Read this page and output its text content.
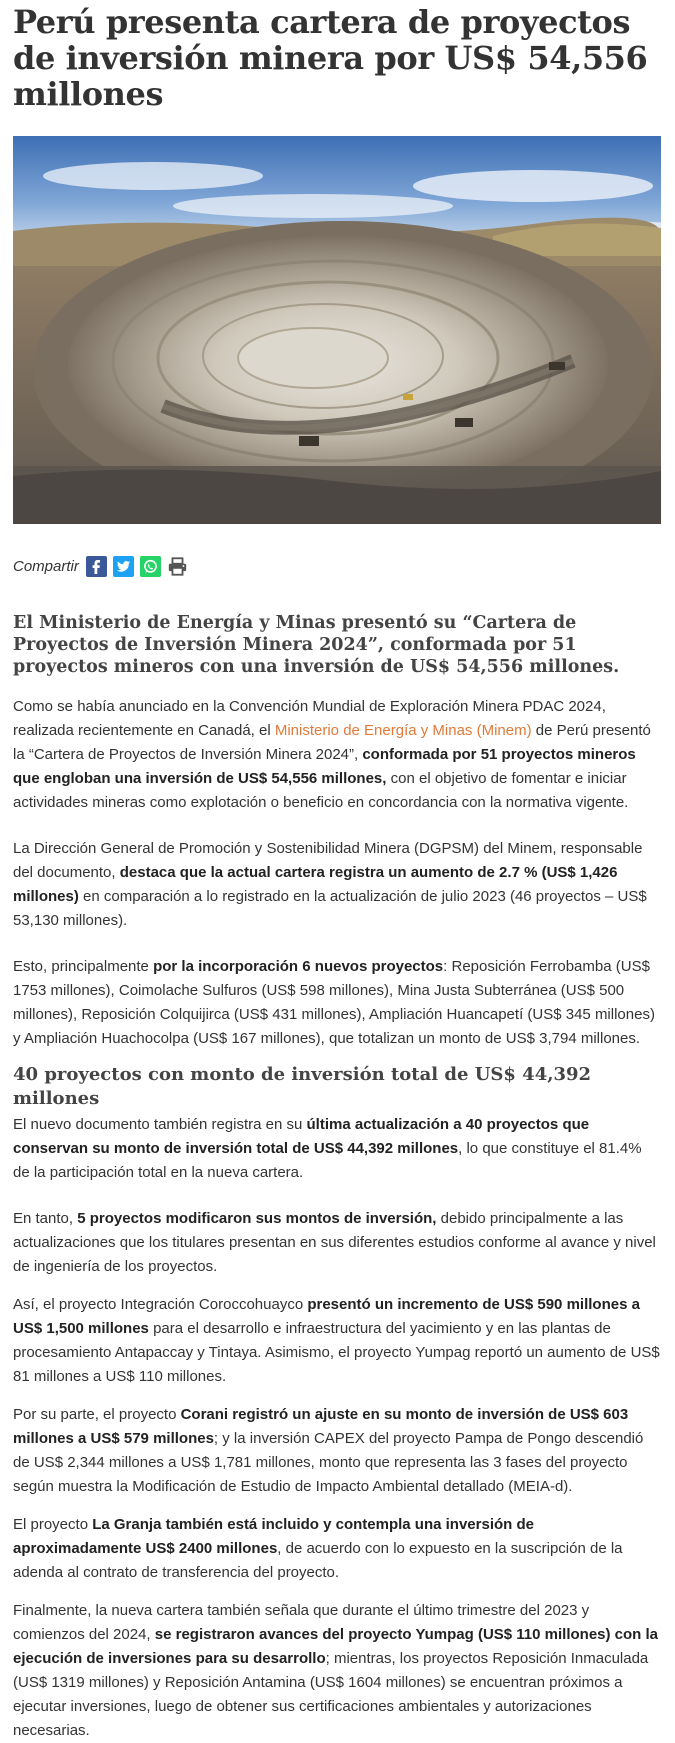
Perú presenta cartera de proyectos de inversión minera por US$ 54,556 millones
Compartir

El Ministerio de Energía y Minas presentó su “Cartera de Proyectos de Inversión Minera 2024”, conformada por 51 proyectos mineros con una inversión de US$ 54,556 millones.

Como se había anunciado en la Convención Mundial de Exploración Minera PDAC 2024, realizada recientemente en Canadá, el Ministerio de Energía y Minas (Minem) de Perú presentó la “Cartera de Proyectos de Inversión Minera 2024”, conformada por 51 proyectos mineros que engloban una inversión de US$ 54,556 millones, con el objetivo de fomentar e iniciar actividades mineras como explotación o beneficio en concordancia con la normativa vigente.

La Dirección General de Promoción y Sostenibilidad Minera (DGPSM) del Minem, responsable del documento, destaca que la actual cartera registra un aumento de 2.7 % (US$ 1,426 millones) en comparación a lo registrado en la actualización de julio 2023 (46 proyectos – US$ 53,130 millones).

Esto, principalmente por la incorporación 6 nuevos proyectos: Reposición Ferrobamba (US$ 1753 millones), Coimolache Sulfuros (US$ 598 millones), Mina Justa Subterránea (US$ 500 millones), Reposición Colquijirca (US$ 431 millones), Ampliación Huancapetí (US$ 345 millones) y Ampliación Huachocolpa (US$ 167 millones), que totalizan un monto de US$ 3,794 millones.

40 proyectos con monto de inversión total de US$ 44,392 millones

El nuevo documento también registra en su última actualización a 40 proyectos que conservan su monto de inversión total de US$ 44,392 millones, lo que constituye el 81.4% de la participación total en la nueva cartera.

En tanto, 5 proyectos modificaron sus montos de inversión, debido principalmente a las actualizaciones que los titulares presentan en sus diferentes estudios conforme al avance y nivel de ingeniería de los proyectos.

Así, el proyecto Integración Coroccohuayco presentó un incremento de US$ 590 millones a US$ 1,500 millones para el desarrollo e infraestructura del yacimiento y en las plantas de procesamiento Antapaccay y Tintaya. Asimismo, el proyecto Yumpag reportó un aumento de US$ 81 millones a US$ 110 millones.

Por su parte, el proyecto Corani registró un ajuste en su monto de inversión de US$ 603 millones a US$ 579 millones; y la inversión CAPEX del proyecto Pampa de Pongo descendió de US$ 2,344 millones a US$ 1,781 millones, monto que representa las 3 fases del proyecto según muestra la Modificación de Estudio de Impacto Ambiental detallado (MEIA-d).

El proyecto La Granja también está incluido y contempla una inversión de aproximadamente US$ 2400 millones, de acuerdo con lo expuesto en la suscripción de la adenda al contrato de transferencia del proyecto.

Finalmente, la nueva cartera también señala que durante el último trimestre del 2023 y comienzos del 2024, se registraron avances del proyecto Yumpag (US$ 110 millones) con la ejecución de inversiones para su desarrollo; mientras, los proyectos Reposición Inmaculada (US$ 1319 millones) y Reposición Antamina (US$ 1604 millones) se encuentran próximos a ejecutar inversiones, luego de obtener sus certificaciones ambientales y autorizaciones necesarias.
